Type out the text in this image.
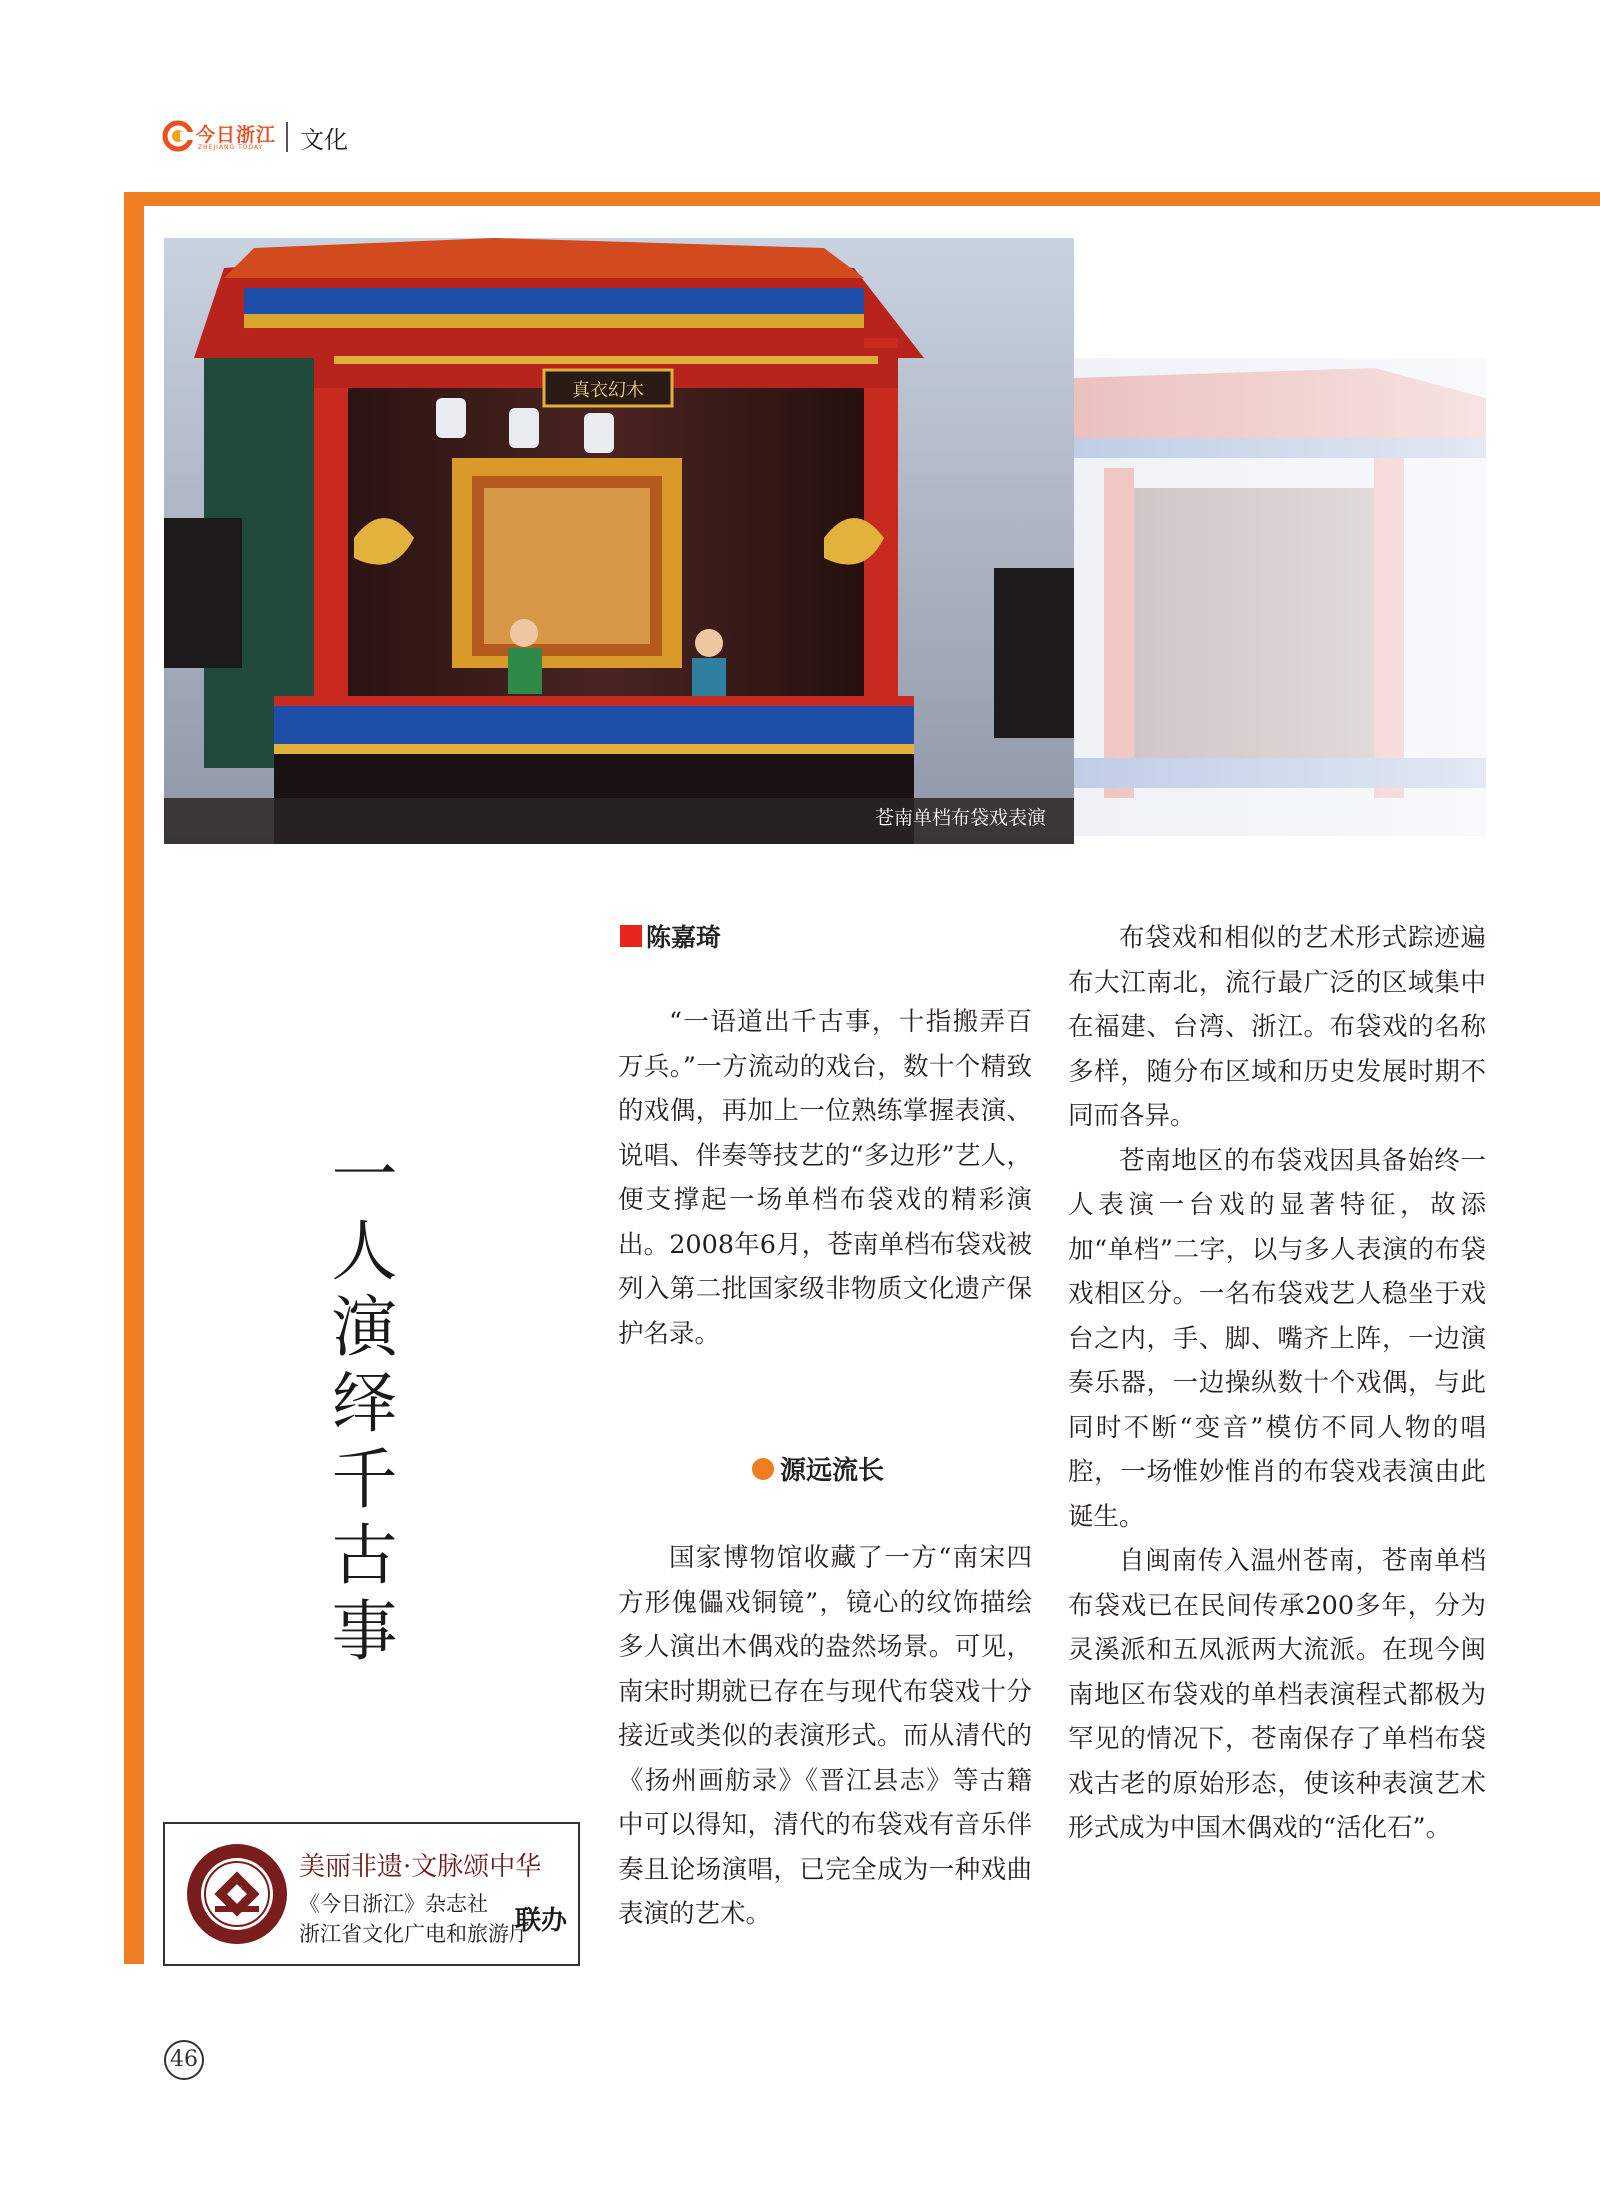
今日浙江
ZHEJIANG TODAY 文化
真衣幻木
苍南单档布袋戏表演
一人演绎千古事
陈嘉琦

“一语道出千古事，十指搬弄百万兵。”一方流动的戏台，数十个精致的戏偶，再加上一位熟练掌握表演、说唱、伴奏等技艺的“多边形”艺人，便支撑起一场单档布袋戏的精彩演出。2008年6月，苍南单档布袋戏被列入第二批国家级非物质文化遗产保护名录。

源远流长

国家博物馆收藏了一方“南宋四方形傀儡戏铜镜”，镜心的纹饰描绘多人演出木偶戏的盎然场景。可见，南宋时期就已存在与现代布袋戏十分接近或类似的表演形式。而从清代的《扬州画舫录》《晋江县志》等古籍中可以得知，清代的布袋戏有音乐伴奏且论场演唱，已完全成为一种戏曲表演的艺术。

布袋戏和相似的艺术形式踪迹遍布大江南北，流行最广泛的区域集中在福建、台湾、浙江。布袋戏的名称多样，随分布区域和历史发展时期不同而各异。

苍南地区的布袋戏因具备始终一人表演一台戏的显著特征，故添加“单档”二字，以与多人表演的布袋戏相区分。一名布袋戏艺人稳坐于戏台之内，手、脚、嘴齐上阵，一边演奏乐器，一边操纵数十个戏偶，与此同时不断“变音”模仿不同人物的唱腔，一场惟妙惟肖的布袋戏表演由此诞生。

自闽南传入温州苍南，苍南单档布袋戏已在民间传承200多年，分为灵溪派和五凤派两大流派。在现今闽南地区布袋戏的单档表演程式都极为罕见的情况下，苍南保存了单档布袋戏古老的原始形态，使该种表演艺术形式成为中国木偶戏的“活化石”。

美丽非遗·文脉颂中华
《今日浙江》杂志社
浙江省文化广电和旅游厅
联办
46
